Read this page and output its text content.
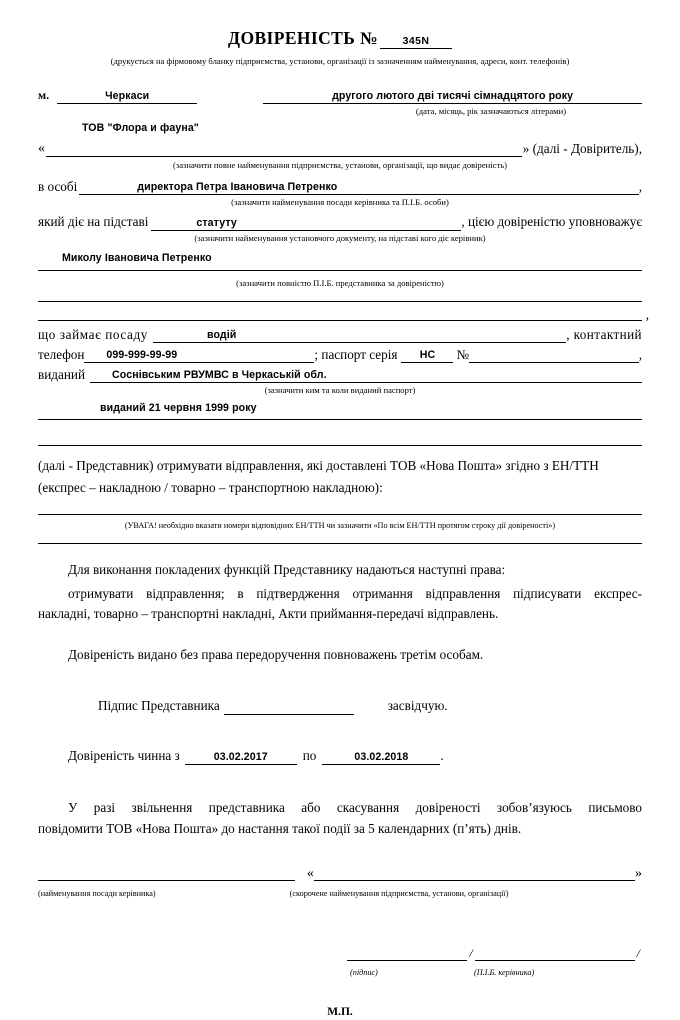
ДОВІРЕНІСТЬ №	345N
(друкується на фірмовому бланку підприємства, установи, організації із зазначенням найменування, адреси, конт. телефонів)
м.	Черкаси	другого лютого дві тисячі сімнадцятого року
(дата, місяць, рік зазначаються літерами)
ТОВ "Флора и фауна"
«	» (далі - Довіритель),
(зазначити повне найменування підприємства, установи, організації, що видає довіреність)
в особі	директора Петра Івановича Петренко	,
(зазначити найменування посади керівника та П.І.Б. особи)
який діє на підставі	статуту	, цією довіреністю уповноважує
(зазначити найменування установчого документу, на підставі кого діє керівник)
Миколу Івановича Петренко
(зазначити повністю П.І.Б. представника за довіреністю)
,
що займає посаду	водій	, контактний
телефон	099-999-99-99	; паспорт серія	НС	№	,
виданий	Соснівським РВУМВС в Черкаській обл.
(зазначити ким та коли виданий паспорт)
виданий 21 червня 1999 року
(далі - Представник) отримувати відправлення, які доставлені ТОВ «Нова Пошта» згідно з ЕН/ТТН
(експрес – накладною / товарно – транспортною накладною):
(УВАГА! необхідно вказати номери відповідних ЕН/ТТН чи зазначити «По всім ЕН/ТТН протягом строку дії довіреності»)
Для виконання покладених функцій Представнику надаються наступні права:
отримувати відправлення; в підтвердження отримання відправлення підписувати експрес-
накладні, товарно – транспортні накладні, Акти приймання-передачі відправлень.
Довіреність видано без права передоручення повноважень третім особам.
Підпис Представника	засвідчую.
Довіреність чинна з	03.02.2017	по	03.02.2018	.
У разі звільнення представника або скасування довіреності зобов’язуюсь письмово
повідомити ТОВ «Нова Пошта» до настання такої події за 5 календарних (п’ять) днів.
«	»
(найменування посади керівника)	(скорочене найменування підприємства, установи, організації)
/	/
(підпис)	(П.І.Б. керівника)
М.П.
